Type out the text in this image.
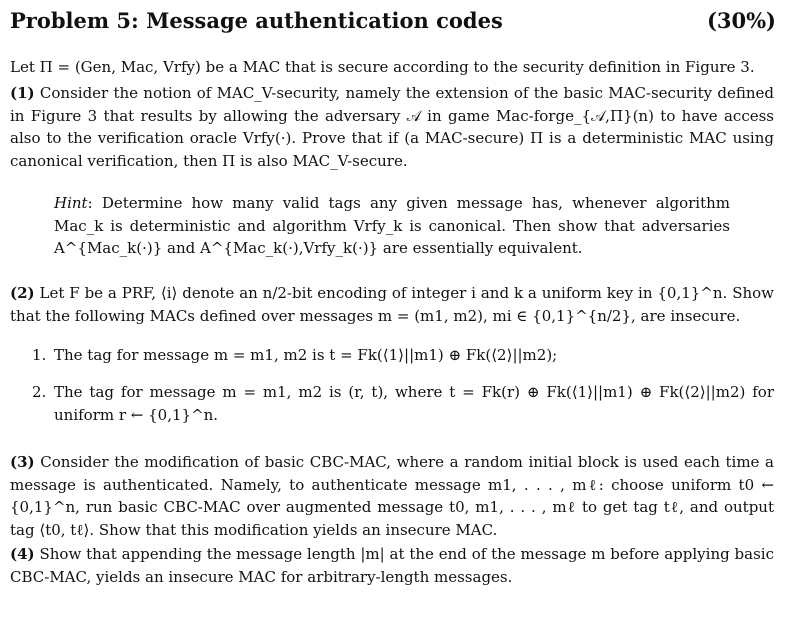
Problem 5: Message authentication codes	(30%)
Let Π = (Gen, Mac, Vrfy) be a MAC that is secure according to the security definition in Figure 3.
(1) Consider the notion of MAC_V-security, namely the extension of the basic MAC-security defined in Figure 3 that results by allowing the adversary 𝒜 in game Mac-forge_{𝒜,Π}(n) to have access also to the verification oracle Vrfy(·). Prove that if (a MAC-secure) Π is a deterministic MAC using canonical verification, then Π is also MAC_V-secure.
Hint: Determine how many valid tags any given message has, whenever algorithm Mac_k is deterministic and algorithm Vrfy_k is canonical. Then show that adversaries A^{Mac_k(·)} and A^{Mac_k(·),Vrfy_k(·)} are essentially equivalent.
(2) Let F be a PRF, ⟨i⟩ denote an n/2-bit encoding of integer i and k a uniform key in {0,1}^n. Show that the following MACs defined over messages m = (m1, m2), mi ∈ {0,1}^{n/2}, are insecure.
1. The tag for message m = m1, m2 is t = Fk(⟨1⟩||m1) ⊕ Fk(⟨2⟩||m2);
2. The tag for message m = m1, m2 is (r, t), where t = Fk(r) ⊕ Fk(⟨1⟩||m1) ⊕ Fk(⟨2⟩||m2) for uniform r ← {0,1}^n.
(3) Consider the modification of basic CBC-MAC, where a random initial block is used each time a message is authenticated. Namely, to authenticate message m1, . . . , mℓ: choose uniform t0 ← {0,1}^n, run basic CBC-MAC over augmented message t0, m1, . . . , mℓ to get tag tℓ, and output tag ⟨t0, tℓ⟩. Show that this modification yields an insecure MAC.
(4) Show that appending the message length |m| at the end of the message m before applying basic CBC-MAC, yields an insecure MAC for arbitrary-length messages.
